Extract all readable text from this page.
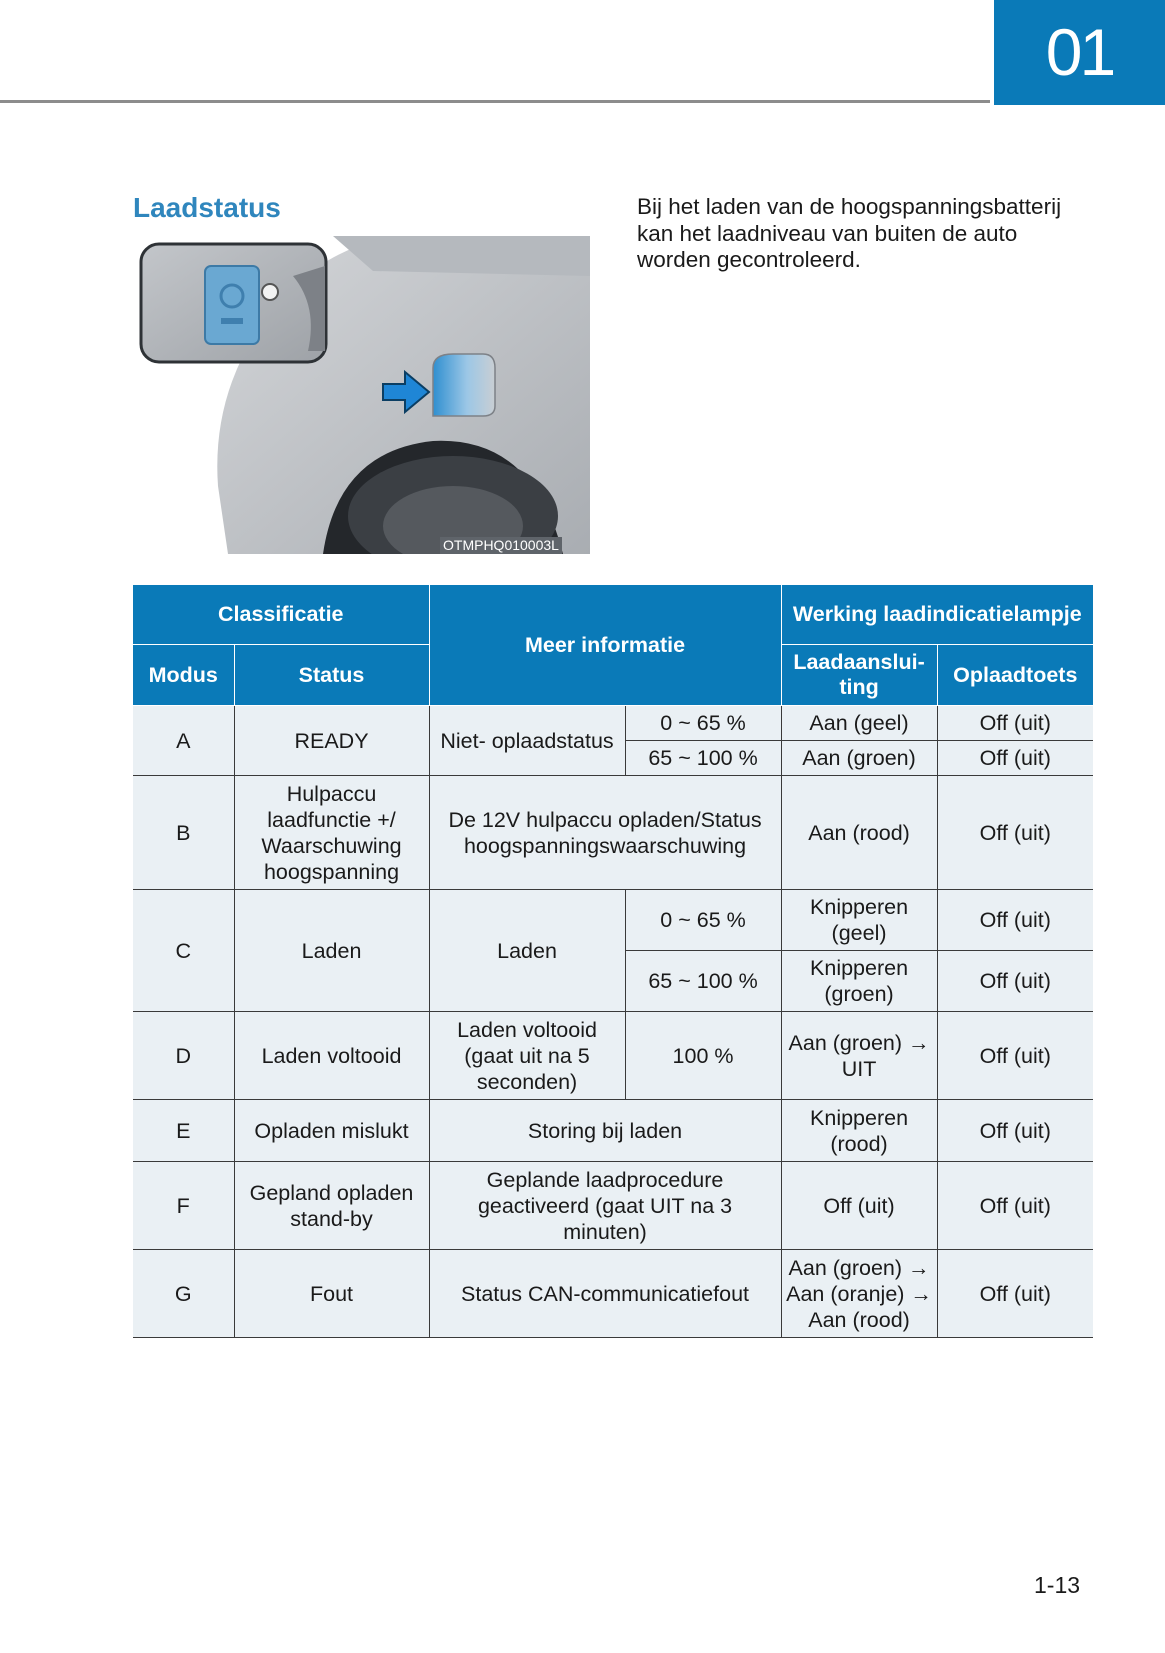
01
Laadstatus	Bij het laden van de hoogspanningsbatterij kan het laadniveau van buiten de auto worden gecontroleerd.

OTMPHQ010003L
Classificatie		Meer informatie		Werking laadindicatielampje	
Modus	Status			Laadaanslui- ting	Oplaadtoets
A	READY	Niet- oplaadstatus	0 ~ 65 %	Aan (geel)	Off (uit)
			65 ~ 100 %	Aan (groen)	Off (uit)
B	Hulpaccu laadfunctie +/ Waarschuwing hoogspanning	De 12V hulpaccu opladen/Status hoogspanningswaarschuwing		Aan (rood)	Off (uit)
C	Laden	Laden	0 ~ 65 %	Knipperen (geel)	Off (uit)
			65 ~ 100 %	Knipperen (groen)	Off (uit)
D	Laden voltooid	Laden voltooid (gaat uit na 5 seconden)	100 %	Aan (groen) → UIT	Off (uit)
E	Opladen mislukt	Storing bij laden		Knipperen (rood)	Off (uit)
F	Gepland opladen stand-by	Geplande laadprocedure geactiveerd (gaat UIT na 3 minuten)		Off (uit)	Off (uit)
G	Fout	Status CAN-communicatiefout		Aan (groen) → Aan (oranje) → Aan (rood)	Off (uit)
1-13
